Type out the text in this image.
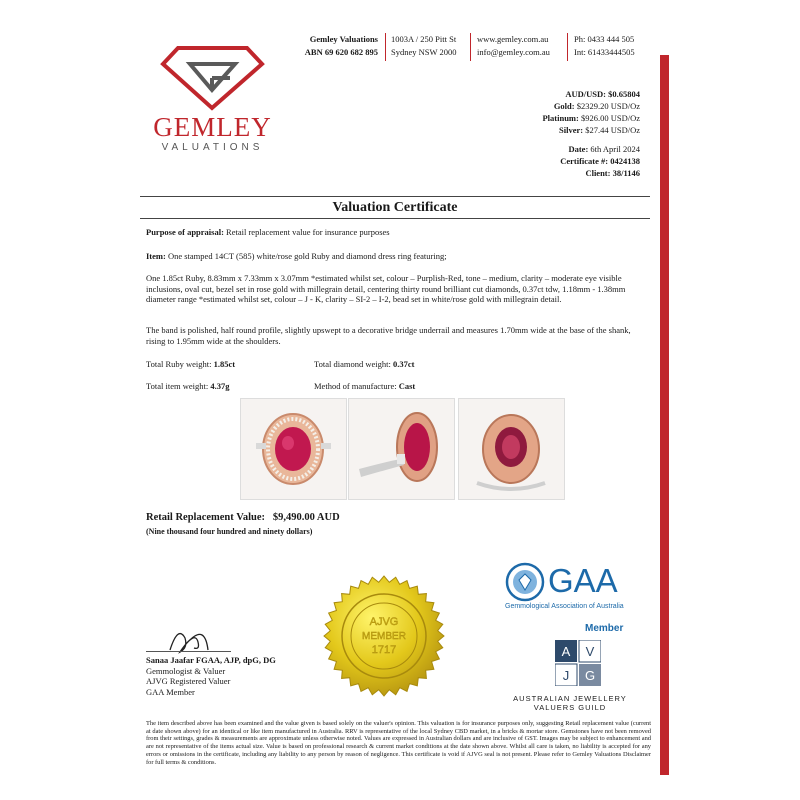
GEMLEY
VALUATIONS
Gemley Valuations
ABN 69 620 682 895
1003A / 250 Pitt St
Sydney NSW 2000
www.gemley.com.au
info@gemley.com.au
Ph: 0433 444 505
Int: 61433444505
AUD/USD: $0.65804
Gold: $2329.20 USD/Oz
Platinum: $926.00 USD/Oz
Silver: $27.44 USD/Oz
Date: 6th April 2024
Certificate #: 0424138
Client: 38/1146
Valuation Certificate
Purpose of appraisal: Retail replacement value for insurance purposes
Item: One stamped 14CT (585) white/rose gold Ruby and diamond dress ring featuring;
One 1.85ct Ruby, 8.83mm x 7.33mm x 3.07mm *estimated whilst set, colour – Purplish-Red, tone – medium, clarity – moderate eye visible inclusions, oval cut, bezel set in rose gold with millegrain detail, centering thirty round brilliant cut diamonds, 0.37ct tdw, 1.18mm - 1.38mm diameter range *estimated whilst set, colour – J - K, clarity – SI-2 – I-2, bead set in white/rose gold with millegrain detail.
The band is polished, half round profile, slightly upswept to a decorative bridge underrail and measures 1.70mm wide at the base of the shank, rising to 1.95mm wide at the shoulders.
Total Ruby weight: 1.85ct	Total diamond weight: 0.37ct
Total item weight: 4.37g	Method of manufacture: Cast
Retail Replacement Value: $9,490.00 AUD
(Nine thousand four hundred and ninety dollars)
Sanaa Jaafar FGAA, AJP, dpG, DG
Gemmologist & Valuer
AJVG Registered Valuer
GAA Member
AJVG
MEMBER
1717
GAA
Gemmological Association of Australia
Member
A V
J G
AUSTRALIAN JEWELLERY
VALUERS GUILD
The item described above has been examined and the value given is based solely on the valuer's opinion. This valuation is for insurance purposes only, suggesting Retail replacement value (current at date shown above) for an identical or like item manufactured in Australia. RRV is representative of the local Sydney CBD market, in a bricks & mortar store. Gemstones have not been removed from their settings, grades & measurements are approximate unless otherwise noted. Values are expressed in Australian dollars and are inclusive of GST. Images may be subject to enhancement and are not representative of the items actual size. Value is based on professional research & current market conditions at the date shown above. Whilst all care is taken, no liability is accepted for any errors or omissions in the certificate, including any liability to any person by reason of negligence. This certificate is void if AJVG seal is not present. Please refer to Gemley Valuations Disclaimer for full terms & conditions.
